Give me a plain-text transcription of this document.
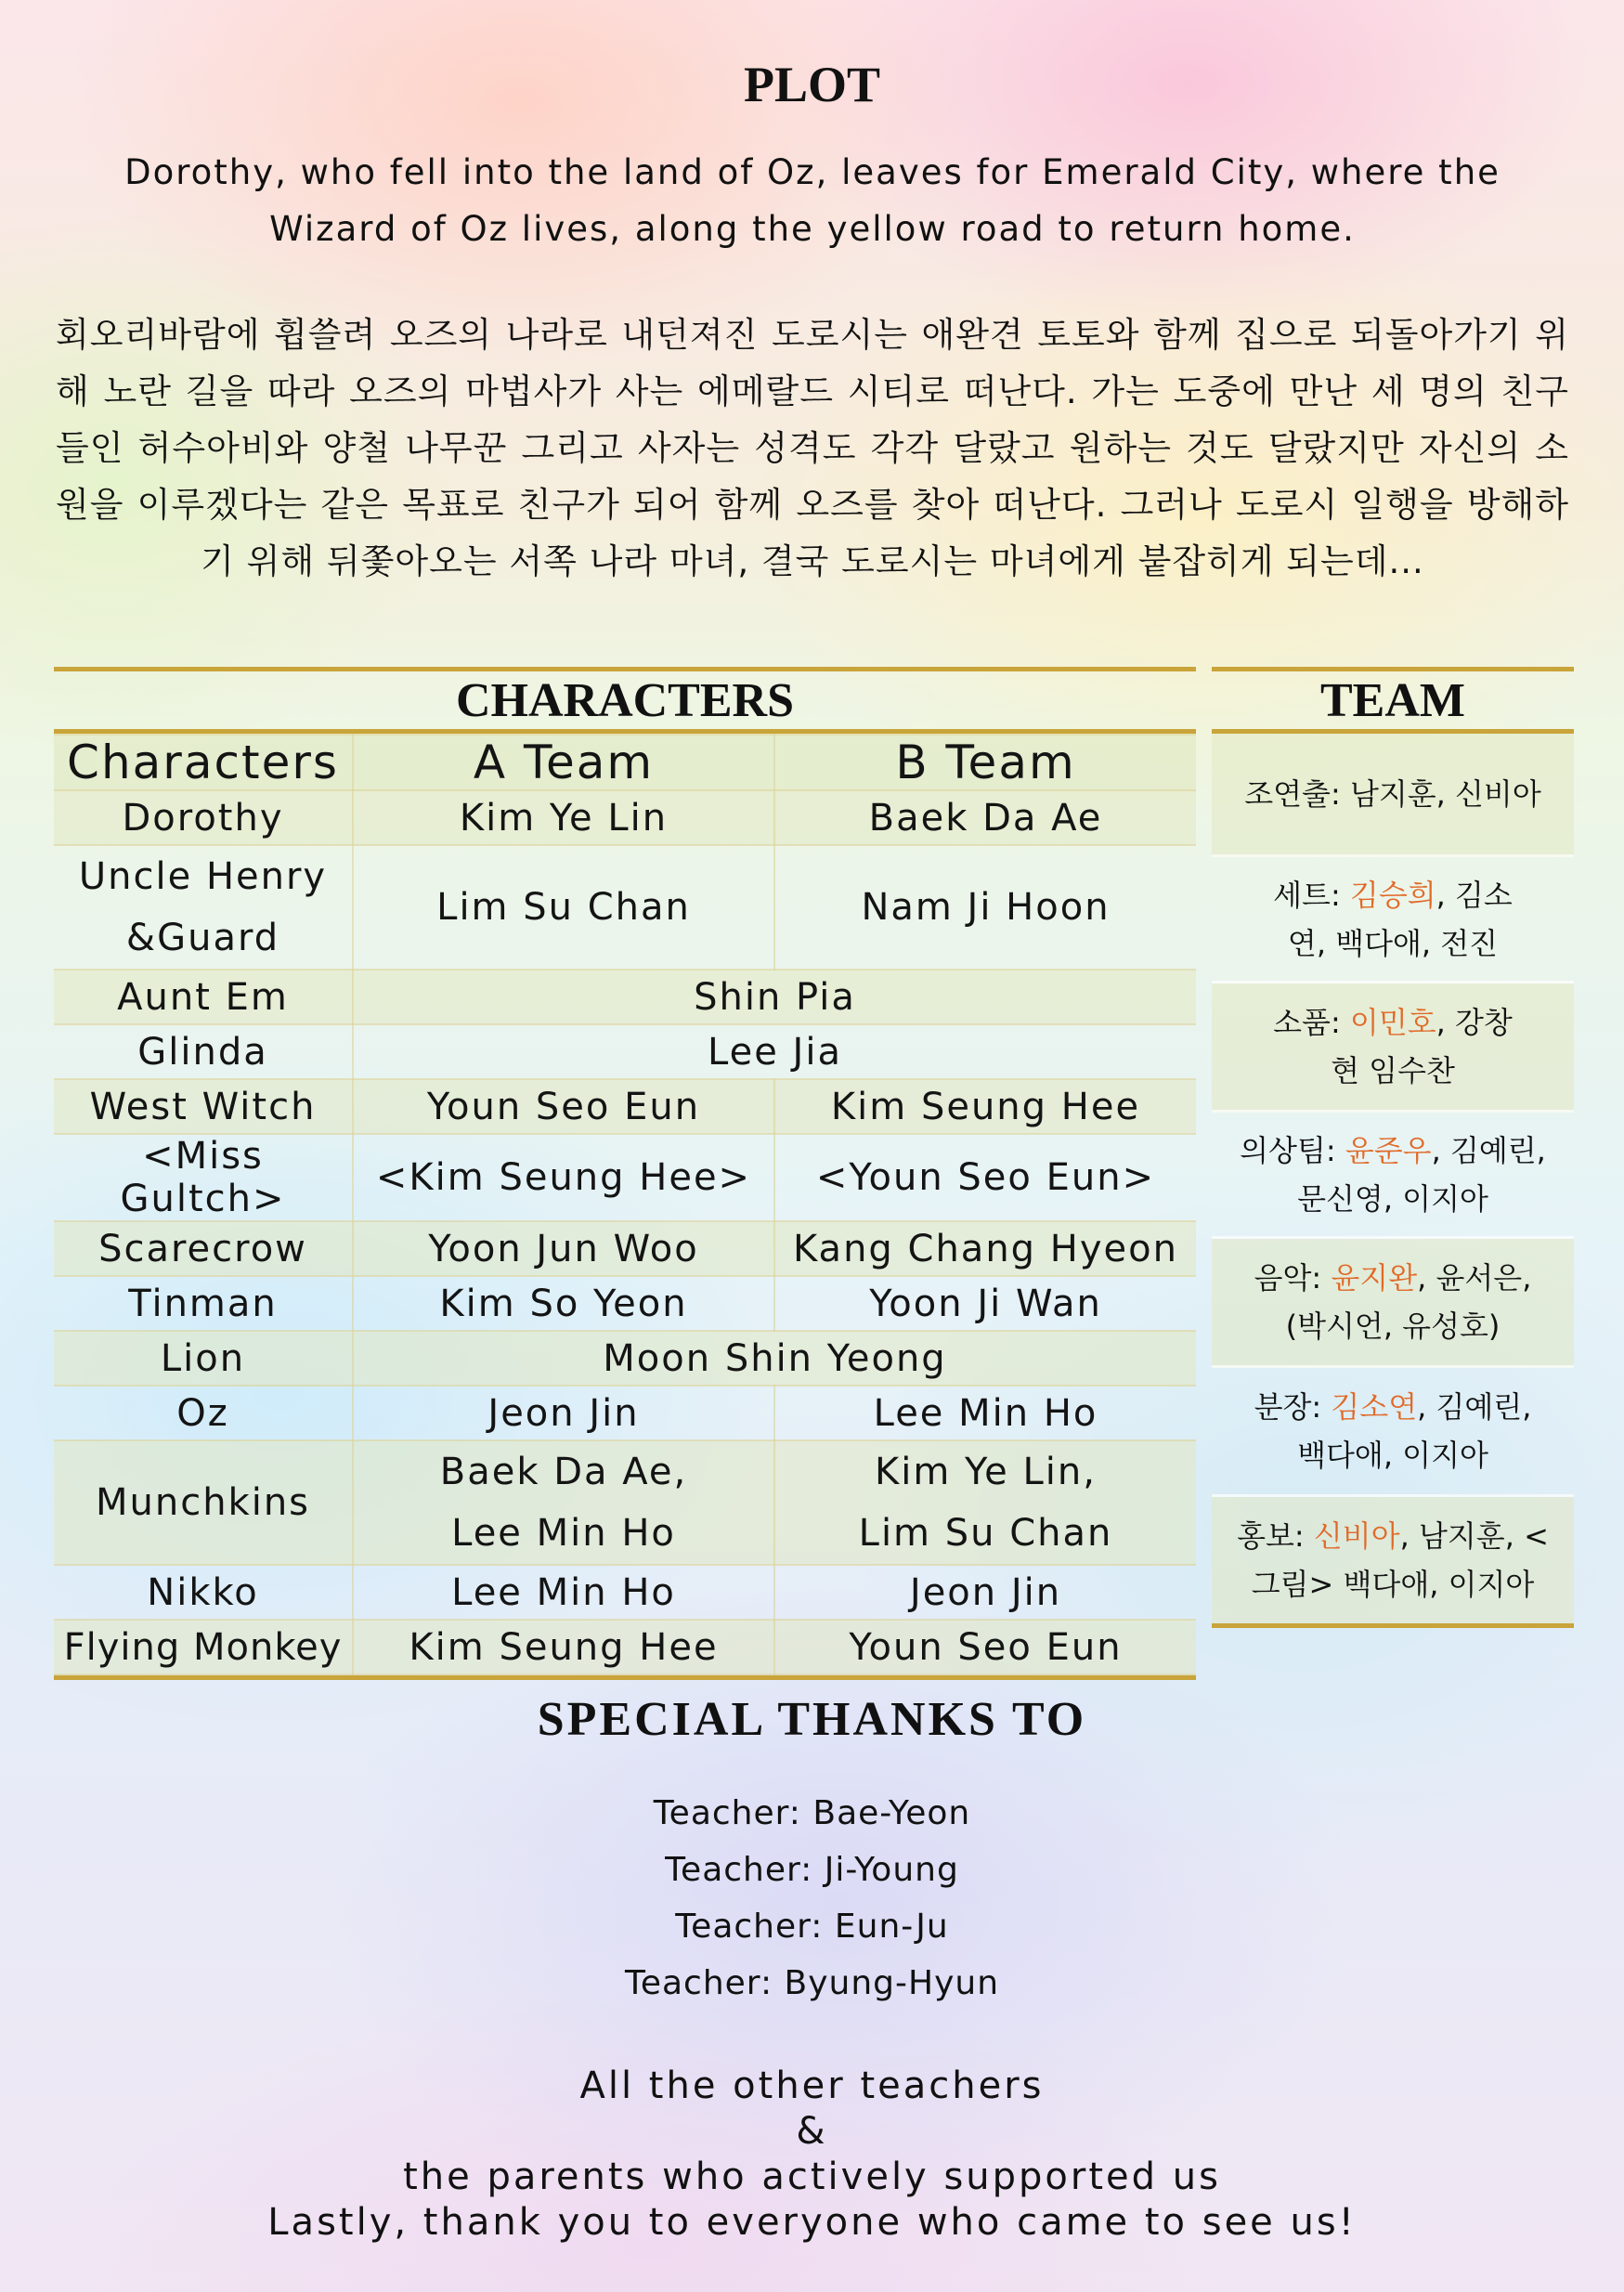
PLOT
Dorothy, who fell into the land of Oz, leaves for Emerald City, where the Wizard of Oz lives, along the yellow road to return home.
회오리바람에 휩쓸려 오즈의 나라로 내던져진 도로시는 애완견 토토와 함께 집으로 되돌아가기 위해 노란 길을 따라 오즈의 마법사가 사는 에메랄드 시티로 떠난다. 가는 도중에 만난 세 명의 친구들인 허수아비와 양철 나무꾼 그리고 사자는 성격도 각각 달랐고 원하는 것도 달랐지만 자신의 소원을 이루겠다는 같은 목표로 친구가 되어 함께 오즈를 찾아 떠난다. 그러나 도로시 일행을 방해하기 위해 뒤쫓아오는 서쪽 나라 마녀, 결국 도로시는 마녀에게 붙잡히게 되는데...
CHARACTERS
Characters	A Team	B Team
Dorothy	Kim Ye Lin	Baek Da Ae
Uncle Henry &Guard	Lim Su Chan	Nam Ji Hoon
Aunt Em	Shin Pia	
Glinda	Lee Jia	
West Witch	Youn Seo Eun	Kim Seung Hee
<Miss Gultch>	<Kim Seung Hee>	<Youn Seo Eun>
Scarecrow	Yoon Jun Woo	Kang Chang Hyeon
Tinman	Kim So Yeon	Yoon Ji Wan
Lion	Moon Shin Yeong	
Oz	Jeon Jin	Lee Min Ho
Munchkins	Baek Da Ae, Lee Min Ho	Kim Ye Lin, Lim Su Chan
Nikko	Lee Min Ho	Jeon Jin
Flying Monkey	Kim Seung Hee	Youn Seo Eun
TEAM
조연출: 남지훈, 신비아
세트: 김승희, 김소연, 백다애, 전진
소품: 이민호, 강창현 임수찬
의상팀: 윤준우, 김예린, 문신영, 이지아
음악: 윤지완, 윤서은, (박시언, 유성호)
분장: 김소연, 김예린, 백다애, 이지아
홍보: 신비아, 남지훈, <그림> 백다애, 이지아
SPECIAL THANKS TO
Teacher: Bae-Yeon
Teacher: Ji-Young
Teacher: Eun-Ju
Teacher: Byung-Hyun
All the other teachers
&
the parents who actively supported us
Lastly, thank you to everyone who came to see us!
